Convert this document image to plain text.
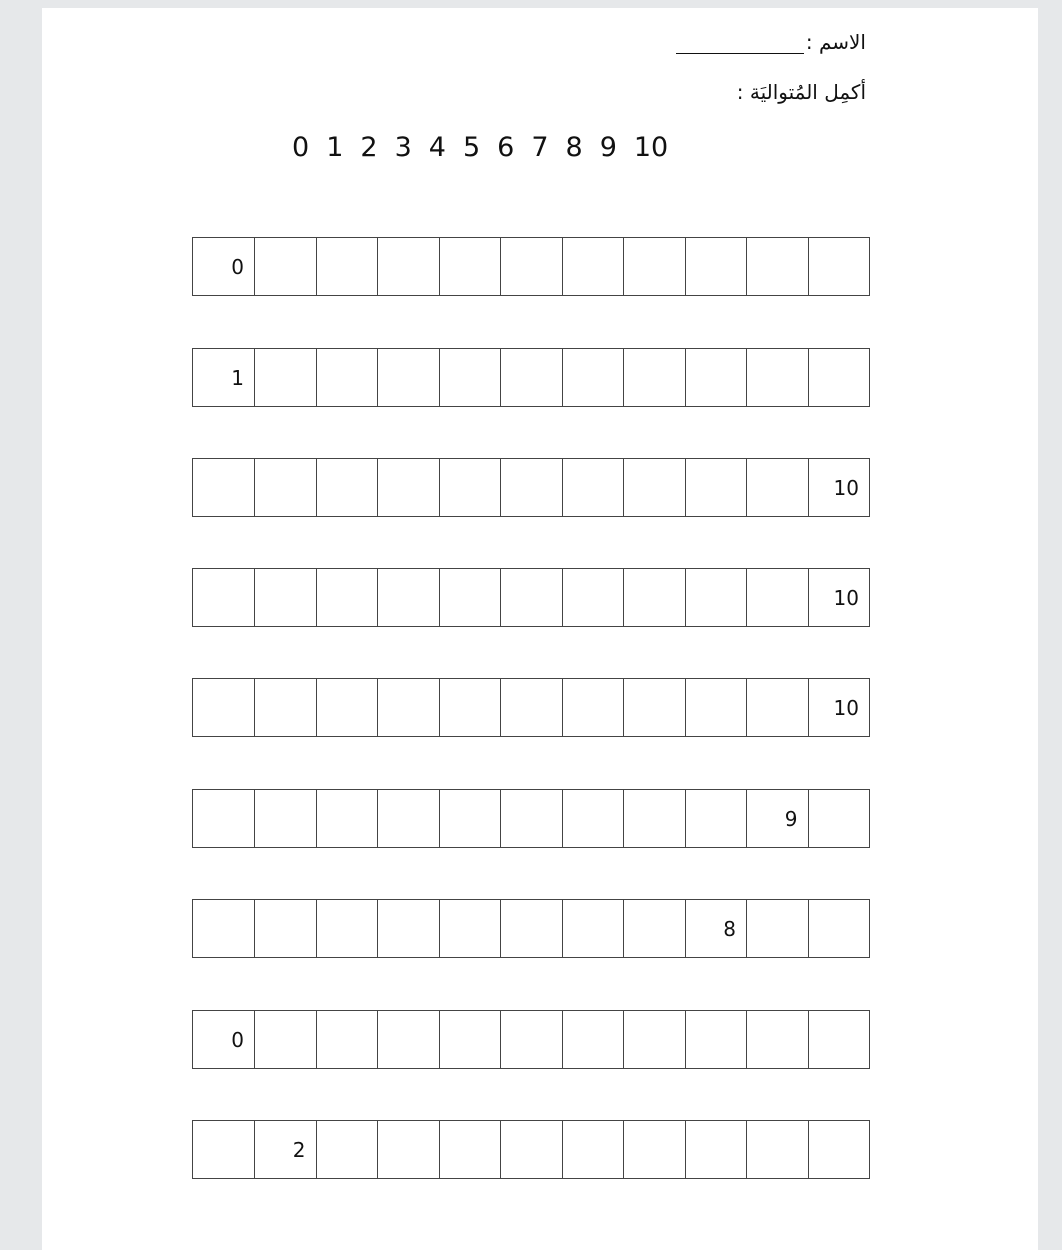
الاسم :
أكمِل المُتواليَة :
0 1 2 3 4 5 6 7 8 9 10
0
1
10
10
10
9
8
0
2
